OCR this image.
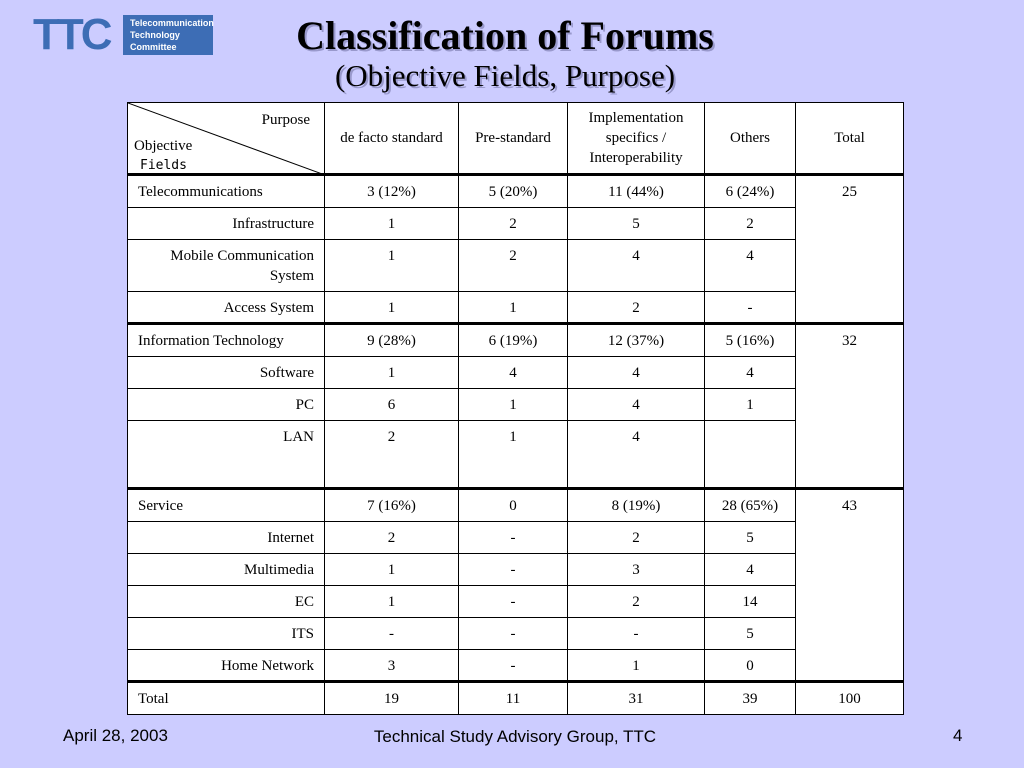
TTC	Telecommunication
Technology
Committee	Classification of Forums
(Objective Fields, Purpose)
Purpose
Objective
Fields	de facto standard	Pre-standard	Implementation specifics / Interoperability	Others	Total
Telecommunications	3 (12%)	5 (20%)	11 (44%)	6 (24%)	25
Infrastructure	1	2	5	2	
Mobile Communication System	1	2	4	4	
Access System	1	1	2	-	
Information Technology	9 (28%)	6 (19%)	12 (37%)	5 (16%)	32
Software	1	4	4	4	
PC	6	1	4	1	
LAN	2	1	4		
Service	7 (16%)	0	8 (19%)	28 (65%)	43
Internet	2	-	2	5	
Multimedia	1	-	3	4	
EC	1	-	2	14	
ITS	-	-	-	5	
Home Network	3	-	1	0	
Total	19	11	31	39	100
April 28, 2003	Technical Study Advisory Group, TTC	4
